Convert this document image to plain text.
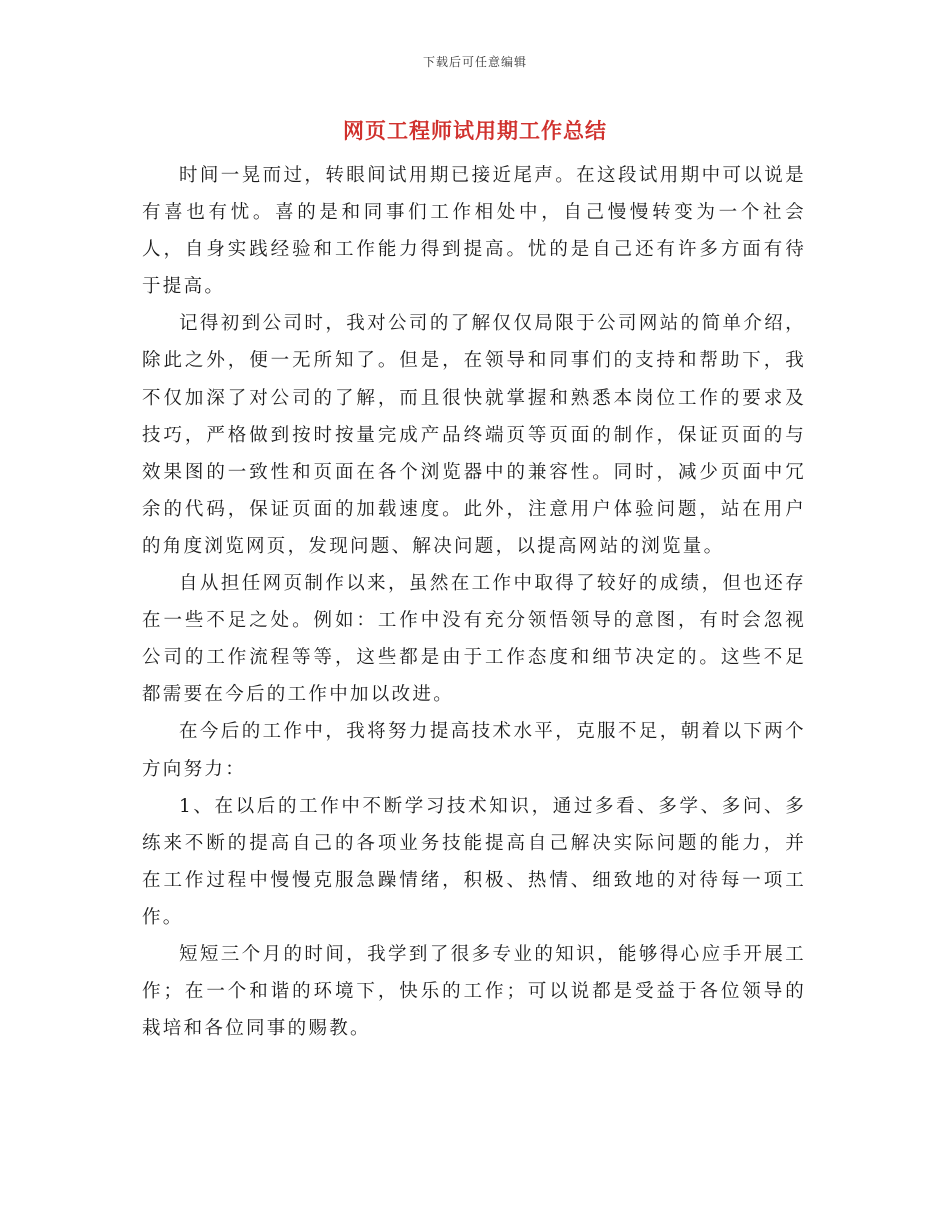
下载后可任意编辑
网页工程师试用期工作总结

时间一晃而过，转眼间试用期已接近尾声。在这段试用期中可以说是有喜也有忧。喜的是和同事们工作相处中，自己慢慢转变为一个社会人，自身实践经验和工作能力得到提高。忧的是自己还有许多方面有待于提高。

记得初到公司时，我对公司的了解仅仅局限于公司网站的简单介绍，除此之外，便一无所知了。但是，在领导和同事们的支持和帮助下，我不仅加深了对公司的了解，而且很快就掌握和熟悉本岗位工作的要求及技巧，严格做到按时按量完成产品终端页等页面的制作，保证页面的与效果图的一致性和页面在各个浏览器中的兼容性。同时，减少页面中冗余的代码，保证页面的加载速度。此外，注意用户体验问题，站在用户的角度浏览网页，发现问题、解决问题，以提高网站的浏览量。

自从担任网页制作以来，虽然在工作中取得了较好的成绩，但也还存在一些不足之处。例如：工作中没有充分领悟领导的意图，有时会忽视公司的工作流程等等，这些都是由于工作态度和细节决定的。这些不足都需要在今后的工作中加以改进。

在今后的工作中，我将努力提高技术水平，克服不足，朝着以下两个方向努力：

1、在以后的工作中不断学习技术知识，通过多看、多学、多问、多练来不断的提高自己的各项业务技能提高自己解决实际问题的能力，并在工作过程中慢慢克服急躁情绪，积极、热情、细致地的对待每一项工作。

短短三个月的时间，我学到了很多专业的知识，能够得心应手开展工作；在一个和谐的环境下，快乐的工作；可以说都是受益于各位领导的栽培和各位同事的赐教。
